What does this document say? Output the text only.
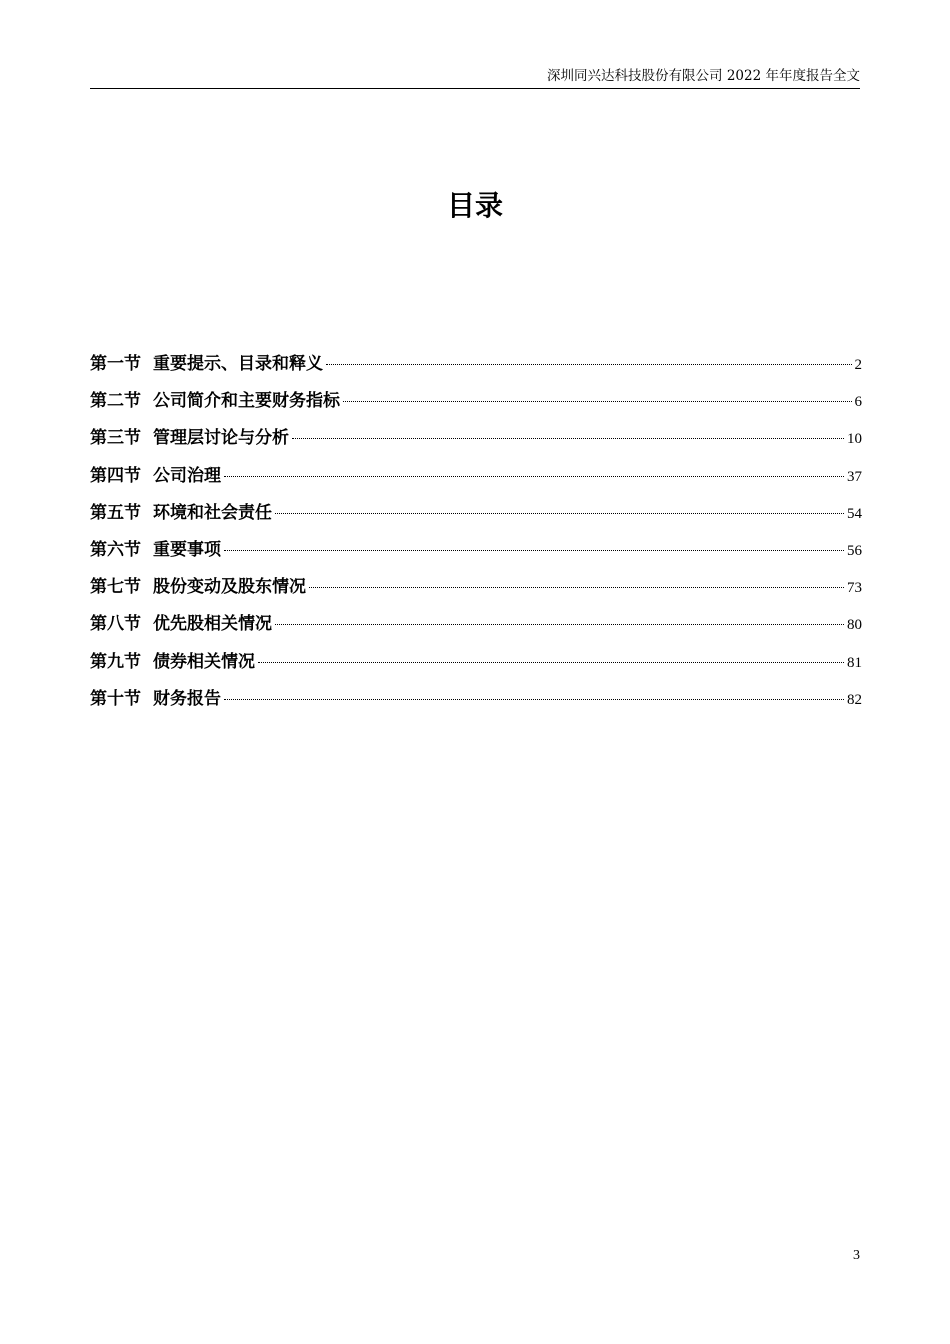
深圳同兴达科技股份有限公司 2022 年年度报告全文
目录
第一节 重要提示、目录和释义	2
第二节 公司简介和主要财务指标	6
第三节 管理层讨论与分析	10
第四节 公司治理	37
第五节 环境和社会责任	54
第六节 重要事项	56
第七节 股份变动及股东情况	73
第八节 优先股相关情况	80
第九节 债券相关情况	81
第十节 财务报告	82
3
